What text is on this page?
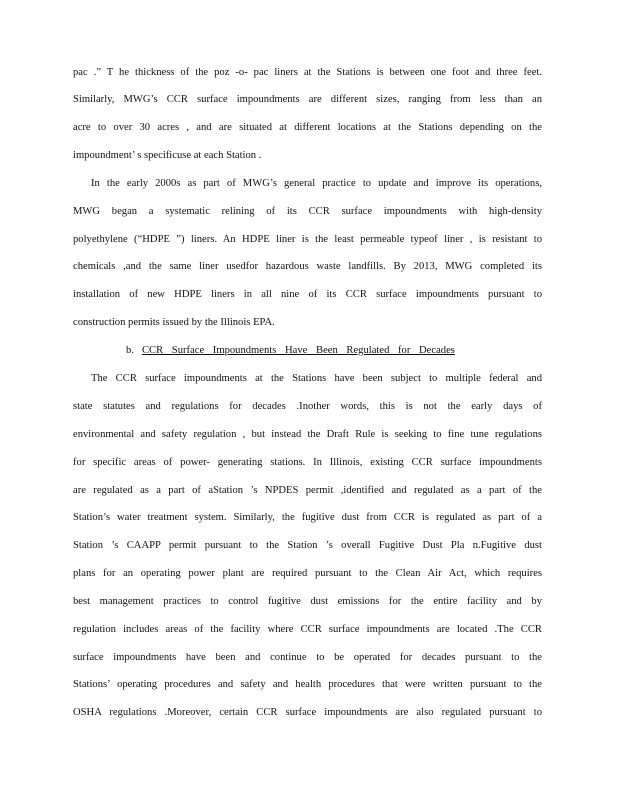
pac .” T he thickness of the poz -o- pac liners at the Stations is between one foot and three feet.
Similarly, MWG’s CCR surface impoundments are different sizes, ranging from less than an
acre to over 30 acres , and are situated at different locations at the Stations depending on the
impoundment’ s specificuse at each Station .
In the early 2000s as part of MWG’s general practice to update and improve its operations,
MWG began a systematic relining of its CCR surface impoundments with high-density
polyethylene (“HDPE ”) liners. An HDPE liner is the least permeable typeof liner , is resistant to
chemicals ,and the same liner usedfor hazardous waste landfills. By 2013, MWG completed its
installation of new HDPE liners in all nine of its CCR surface impoundments pursuant to
construction permits issued by the Illinois EPA.
b. CCR Surface Impoundments Have Been Regulated for Decades
The CCR surface impoundments at the Stations have been subject to multiple federal and
state statutes and regulations for decades .Inother words, this is not the early days of
environmental and safety regulation , but instead the Draft Rule is seeking to fine tune regulations
for specific areas of power- generating stations. In Illinois, existing CCR surface impoundments
are regulated as a part of aStation ’s NPDES permit ,identified and regulated as a part of the
Station’s water treatment system. Similarly, the fugitive dust from CCR is regulated as part of a
Station ’s CAAPP permit pursuant to the Station ’s overall Fugitive Dust Pla n.Fugitive dust
plans for an operating power plant are required pursuant to the Clean Air Act, which requires
best management practices to control fugitive dust emissions for the entire facility and by
regulation includes areas of the facility where CCR surface impoundments are located .The CCR
surface impoundments have been and continue to be operated for decades pursuant to the
Stations’ operating procedures and safety and health procedures that were written pursuant to the
OSHA regulations .Moreover, certain CCR surface impoundments are also regulated pursuant to
